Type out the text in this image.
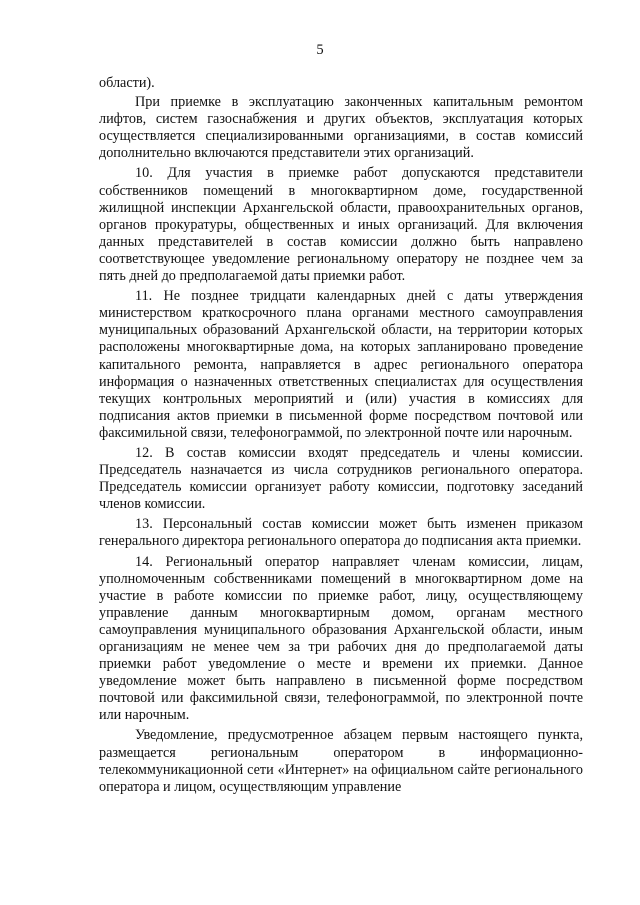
5

области).

При приемке в эксплуатацию законченных капитальным ремонтом лифтов, систем газоснабжения и других объектов, эксплуатация которых осуществляется специализированными организациями, в состав комиссий дополнительно включаются представители этих организаций.

10. Для участия в приемке работ допускаются представители собственников помещений в многоквартирном доме, государственной жилищной инспекции Архангельской области, правоохранительных органов, органов прокуратуры, общественных и иных организаций. Для включения данных представителей в состав комиссии должно быть направлено соответствующее уведомление региональному оператору не позднее чем за пять дней до предполагаемой даты приемки работ.

11. Не позднее тридцати календарных дней с даты утверждения министерством краткосрочного плана органами местного самоуправления муниципальных образований Архангельской области, на территории которых расположены многоквартирные дома, на которых запланировано проведение капитального ремонта, направляется в адрес регионального оператора информация о назначенных ответственных специалистах для осуществления текущих контрольных мероприятий и (или) участия в комиссиях для подписания актов приемки в письменной форме посредством почтовой или факсимильной связи, телефонограммой, по электронной почте или нарочным.

12. В состав комиссии входят председатель и члены комиссии. Председатель назначается из числа сотрудников регионального оператора. Председатель комиссии организует работу комиссии, подготовку заседаний членов комиссии.

13. Персональный состав комиссии может быть изменен приказом генерального директора регионального оператора до подписания акта приемки.

14. Региональный оператор направляет членам комиссии, лицам, уполномоченным собственниками помещений в многоквартирном доме на участие в работе комиссии по приемке работ, лицу, осуществляющему управление данным многоквартирным домом, органам местного самоуправления муниципального образования Архангельской области, иным организациям не менее чем за три рабочих дня до предполагаемой даты приемки работ уведомление о месте и времени их приемки. Данное уведомление может быть направлено в письменной форме посредством почтовой или факсимильной связи, телефонограммой, по электронной почте или нарочным.

Уведомление, предусмотренное абзацем первым настоящего пункта, размещается региональным оператором в информационно-телекоммуникационной сети «Интернет» на официальном сайте регионального оператора и лицом, осуществляющим управление
